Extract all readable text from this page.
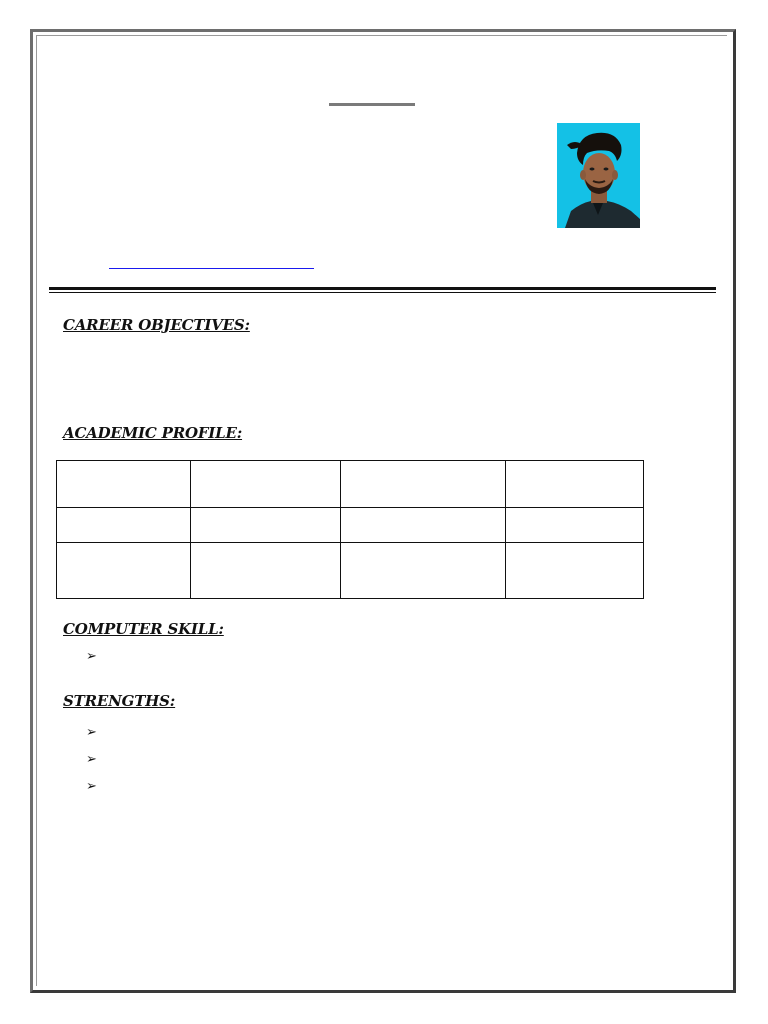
CAREER OBJECTIVES:
ACADEMIC PROFILE:

COMPUTER SKILL:
➢
STRENGTHS:
➢
➢
➢
